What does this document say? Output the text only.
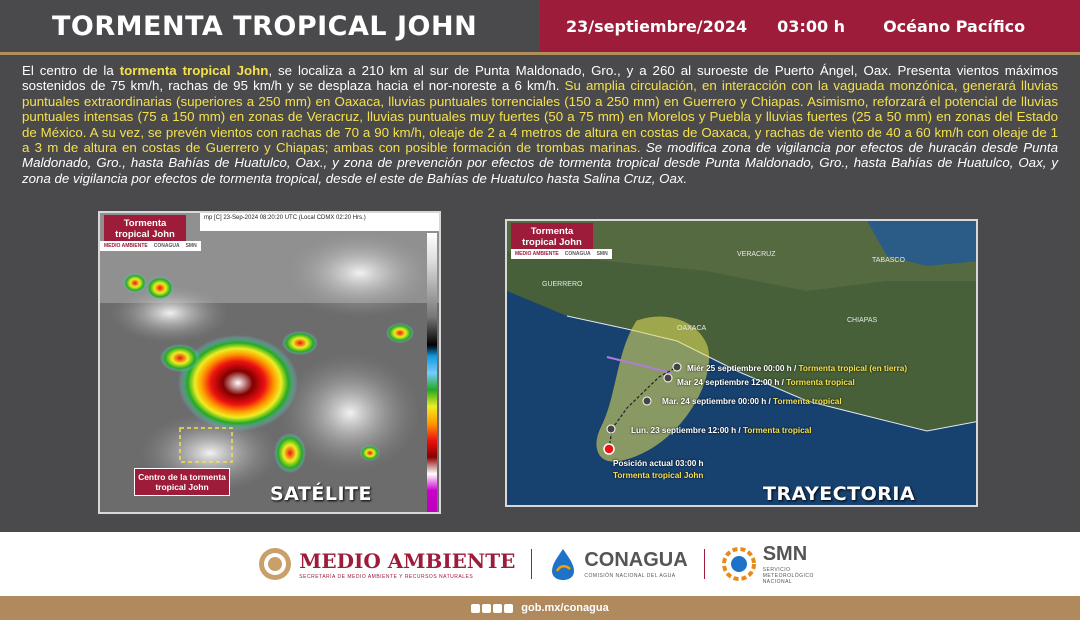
TORMENTA TROPICAL JOHN	23/septiembre/2024 03:00 h Océano Pacífico
El centro de la tormenta tropical John, se localiza a 210 km al sur de Punta Maldonado, Gro., y a 260 al suroeste de Puerto Ángel, Oax. Presenta vientos máximos sostenidos de 75 km/h, rachas de 95 km/h y se desplaza hacia el nor-noreste a 6 km/h. Su amplia circulación, en interacción con la vaguada monzónica, generará lluvias puntuales extraordinarias (superiores a 250 mm) en Oaxaca, lluvias puntuales torrenciales (150 a 250 mm) en Guerrero y Chiapas. Asimismo, reforzará el potencial de lluvias puntuales intensas (75 a 150 mm) en zonas de Veracruz, lluvias puntuales muy fuertes (50 a 75 mm) en Morelos y Puebla y lluvias fuertes (25 a 50 mm) en zonas del Estado de México. A su vez, se prevén vientos con rachas de 70 a 90 km/h, oleaje de 2 a 4 metros de altura en costas de Oaxaca, y rachas de viento de 40 a 60 km/h con oleaje de 1 a 3 m de altura en costas de Guerrero y Chiapas; ambas con posible formación de trombas marinas. Se modifica zona de vigilancia por efectos de huracán desde Punta Maldonado, Gro., hasta Bahías de Huatulco, Oax., y zona de prevención por efectos de tormenta tropical desde Punta Maldonado, Gro., hasta Bahías de Huatulco, Oax, y zona de vigilancia por efectos de tormenta tropical, desde el este de Bahías de Huatulco hasta Salina Cruz, Oax.
mp [C] 23-Sep-2024 08:20:20 UTC (Local CDMX 02:20 Hrs.)
Tormenta tropical John
MEDIO AMBIENTE CONAGUA SMN
Centro de la tormenta tropical John	SATÉLITE
Tormenta tropical John
MEDIO AMBIENTE CONAGUA SMN	VERACRUZ
TABASCO
GUERRERO
CHIAPAS
OAXACA
Miér 25 septiembre 00:00 h / Tormenta tropical (en tierra)
Mar 24 septiembre 12:00 h / Tormenta tropical
Mar. 24 septiembre 00:00 h / Tormenta tropical
Lun. 23 septiembre 12:00 h / Tormenta tropical
Posición actual 03:00 h
Tormenta tropical John
TRAYECTORIA
MEDIO AMBIENTE
SECRETARÍA DE MEDIO AMBIENTE Y RECURSOS NATURALES
CONAGUA
COMISIÓN NACIONAL DEL AGUA
SMN
SERVICIO METEOROLÓGICO NACIONAL
gob.mx/conagua
